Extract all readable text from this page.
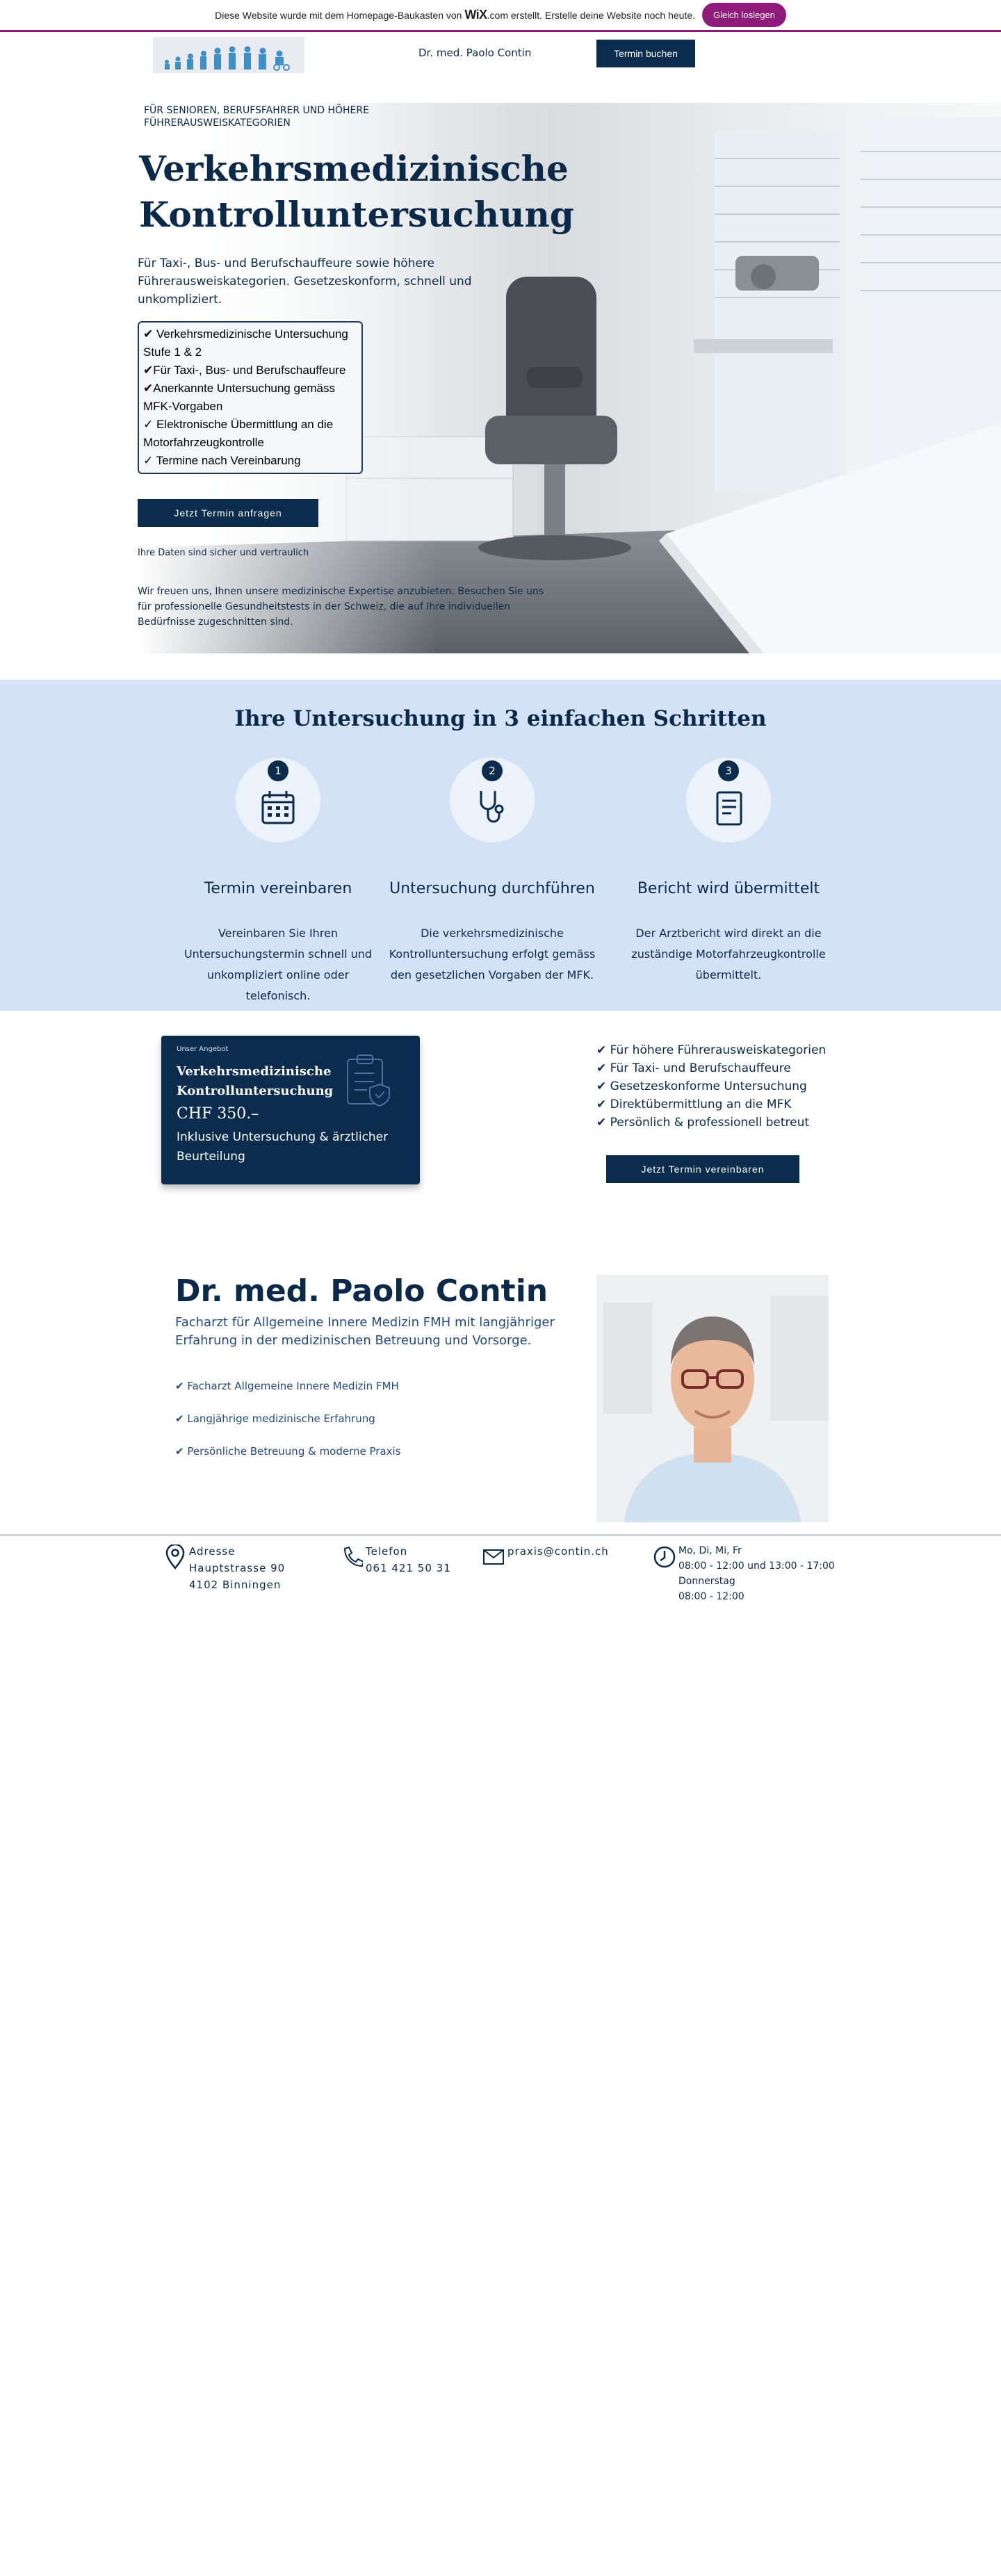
Diese Website wurde mit dem Homepage-Baukasten von WiX.com erstellt. Erstelle deine Website noch heute.	Gleich loslegen
Dr. med. Paolo Contin	Termin buchen
FÜR SENIOREN, BERUFSFAHRER UND HÖHERE FÜHRERAUSWEISKATEGORIEN
Verkehrsmedizinische Kontrolluntersuchung

Für Taxi-, Bus- und Berufschauffeure sowie höhere Führerausweiskategorien. Gesetzeskonform, schnell und unkompliziert.

✔ Verkehrsmedizinische Untersuchung Stufe 1 & 2
✔Für Taxi-, Bus- und Berufschauffeure
✔Anerkannte Untersuchung gemäss MFK-Vorgaben
✓ Elektronische Übermittlung an die Motorfahrzeugkontrolle
✓ Termine nach Vereinbarung
Jetzt Termin anfragen
Ihre Daten sind sicher und vertraulich

Wir freuen uns, Ihnen unsere medizinische Expertise anzubieten. Besuchen Sie uns für professionelle Gesundheitstests in der Schweiz, die auf Ihre individuellen Bedürfnisse zugeschnitten sind.

Ihre Untersuchung in 3 einfachen Schritten
1
Termin vereinbaren
Vereinbaren Sie Ihren Untersuchungstermin schnell und unkompliziert online oder telefonisch.
2
Untersuchung durchführen
Die verkehrsmedizinische Kontrolluntersuchung erfolgt gemäss den gesetzlichen Vorgaben der MFK.
3
Bericht wird übermittelt
Der Arztbericht wird direkt an die zuständige Motorfahrzeugkontrolle übermittelt.
Unser Angebot
Verkehrsmedizinische Kontrolluntersuchung
CHF 350.–
Inklusive Untersuchung & ärztlicher Beurteilung
✔ Für höhere Führerausweiskategorien
✔ Für Taxi- und Berufschauffeure
✔ Gesetzeskonforme Untersuchung
✔ Direktübermittlung an die MFK
✔ Persönlich & professionell betreut
Jetzt Termin vereinbaren
Dr. med. Paolo Contin

Facharzt für Allgemeine Innere Medizin FMH mit langjähriger Erfahrung in der medizinischen Betreuung und Vorsorge.

✔ Facharzt Allgemeine Innere Medizin FMH
✔ Langjährige medizinische Erfahrung
✔ Persönliche Betreuung & moderne Praxis
Adresse
Hauptstrasse 90
4102 Binningen
Telefon
061 421 50 31
praxis@contin.ch	Mo, Di, Mi, Fr
08:00 - 12:00 und 13:00 - 17:00
Donnerstag
08:00 - 12:00
